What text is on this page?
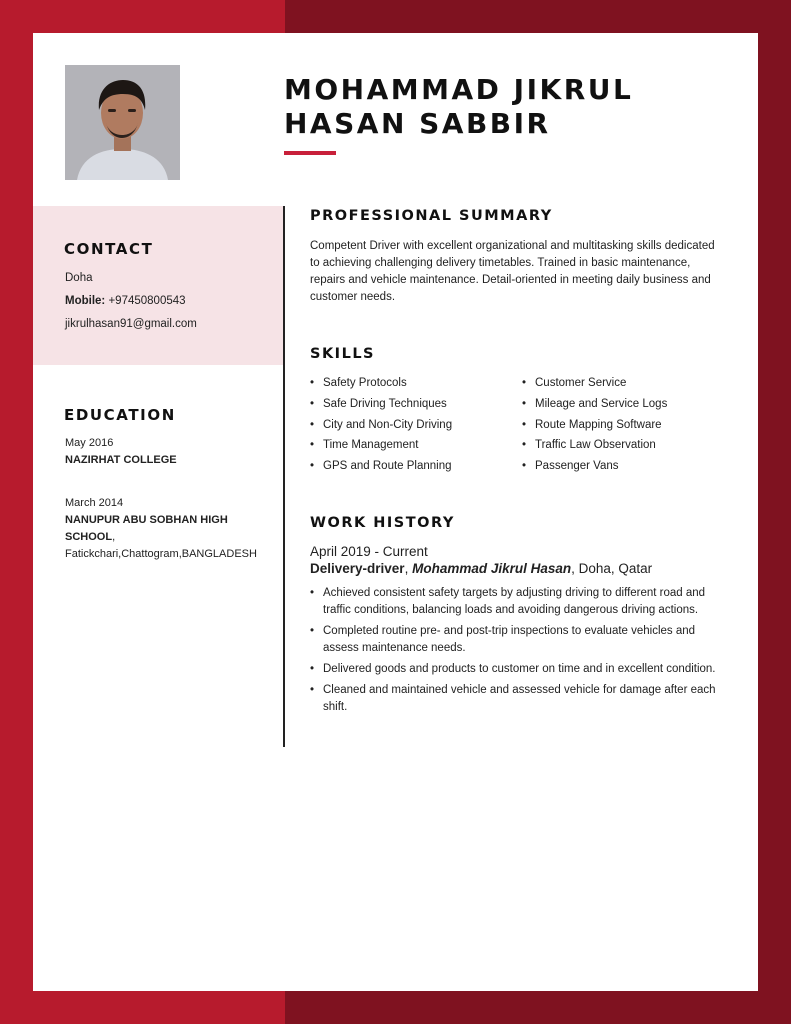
MOHAMMAD JIKRUL
HASAN SABBIR
CONTACT
Doha
Mobile: +97450800543
jikrulhasan91@gmail.com
EDUCATION
May 2016
NAZIRHAT COLLEGE
March 2014
NANUPUR ABU SOBHAN HIGH SCHOOL, Fatickchari,Chattogram,BANGLADESH
PROFESSIONAL SUMMARY

Competent Driver with excellent organizational and multitasking skills dedicated to achieving challenging delivery timetables. Trained in basic maintenance, repairs and vehicle maintenance. Detail-oriented in meeting daily business and customer needs.

SKILLS
• Safety Protocols
• Safe Driving Techniques
• City and Non-City Driving
• Time Management
• GPS and Route Planning
• Customer Service
• Mileage and Service Logs
• Route Mapping Software
• Traffic Law Observation
• Passenger Vans
WORK HISTORY
April 2019 - Current
Delivery-driver, Mohammad Jikrul Hasan, Doha, Qatar
• Achieved consistent safety targets by adjusting driving to different road and traffic conditions, balancing loads and avoiding dangerous driving actions.
• Completed routine pre- and post-trip inspections to evaluate vehicles and assess maintenance needs.
• Delivered goods and products to customer on time and in excellent condition.
• Cleaned and maintained vehicle and assessed vehicle for damage after each shift.
